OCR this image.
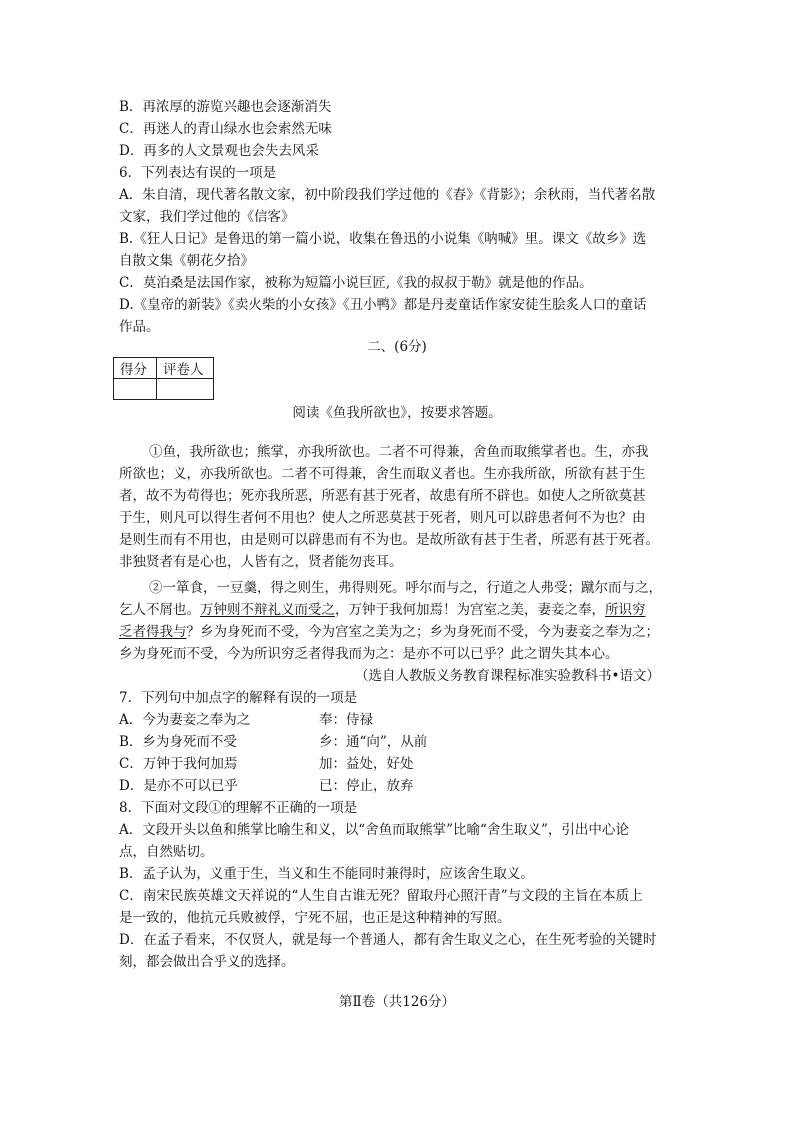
B．再浓厚的游览兴趣也会逐渐消失
C．再迷人的青山绿水也会索然无味
D．再多的人文景观也会失去风采
6．下列表达有误的一项是
A．朱自清，现代著名散文家，初中阶段我们学过他的《春》《背影》；余秋雨，当代著名散
文家，我们学过他的《信客》
B.《狂人日记》是鲁迅的第一篇小说，收集在鲁迅的小说集《呐喊》里。课文《故乡》选
自散文集《朝花夕拾》
C．莫泊桑是法国作家，被称为短篇小说巨匠,《我的叔叔于勒》就是他的作品。
D.《皇帝的新装》《卖火柴的小女孩》《丑小鸭》都是丹麦童话作家安徒生脍炙人口的童话
作品。
二、(6分)
得分	评卷人

阅读《鱼我所欲也》，按要求答题。
①鱼，我所欲也；熊掌，亦我所欲也。二者不可得兼，舍鱼而取熊掌者也。生，亦我
所欲也；义，亦我所欲也。二者不可得兼，舍生而取义者也。生亦我所欲，所欲有甚于生
者，故不为苟得也；死亦我所恶，所恶有甚于死者，故患有所不辟也。如使人之所欲莫甚
于生，则凡可以得生者何不用也？使人之所恶莫甚于死者，则凡可以辟患者何不为也？由
是则生而有不用也，由是则可以辟患而有不为也。是故所欲有甚于生者，所恶有甚于死者。
非独贤者有是心也，人皆有之，贤者能勿丧耳。
②一箪食，一豆羹，得之则生，弗得则死。呼尔而与之，行道之人弗受；蹴尔而与之，
乞人不屑也。万钟则不辩礼义而受之，万钟于我何加焉！为宫室之美，妻妾之奉，所识穷
乏者得我与？乡为身死而不受，今为宫室之美为之；乡为身死而不受，今为妻妾之奉为之；
乡为身死而不受，今为所识穷乏者得我而为之：是亦不可以已乎？此之谓失其本心。
（选自人教版义务教育课程标准实验教科书•语文）
7．下列句中加点字的解释有误的一项是
A．今为妻妾之奉为之	奉：侍禄
B．乡为身死而不受	乡：通“向”，从前
C．万钟于我何加焉	加：益处，好处
D．是亦不可以已乎	已：停止，放弃
8．下面对文段①的理解不正确的一项是
A．文段开头以鱼和熊掌比喻生和义，以“舍鱼而取熊掌”比喻“舍生取义”，引出中心论
点，自然贴切。
B．孟子认为，义重于生，当义和生不能同时兼得时，应该舍生取义。
C．南宋民族英雄文天祥说的“人生自古谁无死？留取丹心照汗青”与文段的主旨在本质上
是一致的，他抗元兵败被俘，宁死不屈，也正是这种精神的写照。
D．在孟子看来，不仅贤人，就是每一个普通人，都有舍生取义之心，在生死考验的关键时
刻，都会做出合乎义的选择。
第Ⅱ卷（共126分）
